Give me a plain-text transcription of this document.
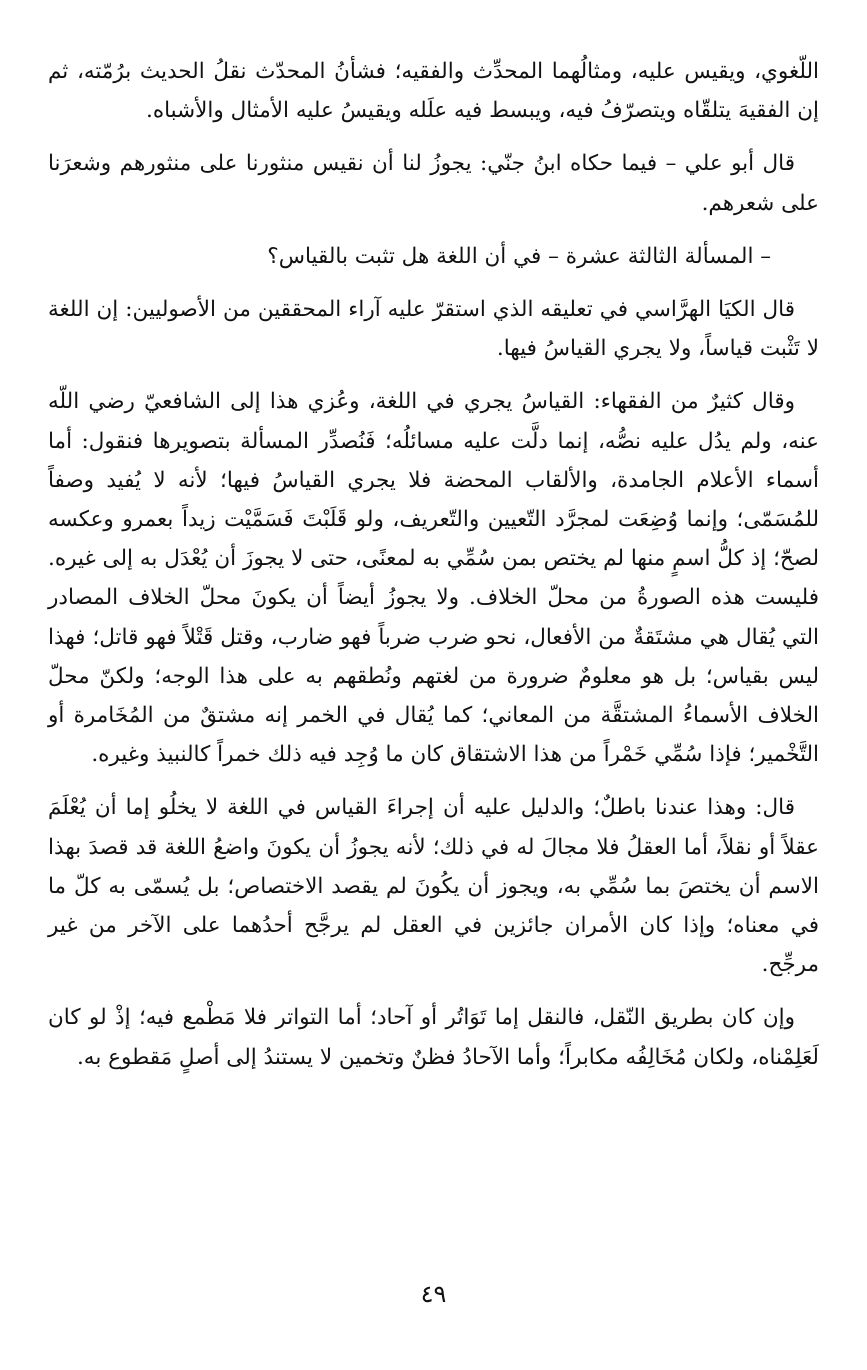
اللّغوي، ويقيس عليه، ومثالُهما المحدِّث والفقيه؛ فشأنُ المحدّث نقلُ الحديث برُمّته، ثم إن الفقيهَ يتلقّاه ويتصرّفُ فيه، ويبسط فيه علَله ويقيسُ عليه الأمثال والأشباه.

قال أبو علي – فيما حكاه ابنُ جنّي: يجوزُ لنا أن نقيس منثورنا على منثورهم وشعرَنا على شعرهم.

– المسألة الثالثة عشرة – في أن اللغة هل تثبت بالقياس؟

قال الكيَا الهرَّاسي في تعليقه الذي استقرّ عليه آراء المحققين من الأصوليين: إن اللغة لا تَثْبت قياساً، ولا يجري القياسُ فيها.

وقال كثيرٌ من الفقهاء: القياسُ يجري في اللغة، وعُزي هذا إلى الشافعيّ رضي اللّه عنه، ولم يدُل عليه نصُّه، إنما دلَّت عليه مسائلُه؛ فَنُصدِّر المسألة بتصويرها فنقول: أما أسماء الأعلام الجامدة، والألقاب المحضة فلا يجري القياسُ فيها؛ لأنه لا يُفيد وصفاً للمُسَمّى؛ وإنما وُضِعَت لمجرَّد التّعيين والتّعريف، ولو قَلَبْتَ فَسَمَّيْت زيداً بعمرو وعكسه لصحّ؛ إذ كلُّ اسمٍ منها لم يختص بمن سُمِّي به لمعنًى، حتى لا يجوزَ أن يُعْدَل به إلى غيره. فليست هذه الصورةُ من محلّ الخلاف. ولا يجوزُ أيضاً أن يكونَ محلّ الخلاف المصادر التي يُقال هي مشتَقةٌ من الأفعال، نحو ضرب ضرباً فهو ضارب، وقتل قَتْلاً فهو قاتل؛ فهذا ليس بقياس؛ بل هو معلومٌ ضرورة من لغتهم ونُطقهم به على هذا الوجه؛ ولكنّ محلّ الخلاف الأسماءُ المشتقَّة من المعاني؛ كما يُقال في الخمر إنه مشتقٌ من المُخَامرة أو التَّخْمير؛ فإذا سُمِّي خَمْراً من هذا الاشتقاق كان ما وُجِد فيه ذلك خمراً كالنبيذ وغيره.

قال: وهذا عندنا باطلٌ؛ والدليل عليه أن إجراءَ القياس في اللغة لا يخلُو إما أن يُعْلَمَ عقلاً أو نقلاً، أما العقلُ فلا مجالَ له في ذلك؛ لأنه يجوزُ أن يكونَ واضعُ اللغة قد قصدَ بهذا الاسم أن يختصَ بما سُمِّي به، ويجوز أن يكُونَ لم يقصد الاختصاص؛ بل يُسمّى به كلّ ما في معناه؛ وإذا كان الأمران جائزين في العقل لم يرجَّح أحدُهما على الآخر من غير مرجِّح.

وإن كان بطريق النّقل، فالنقل إما تَوَاتُر أو آحاد؛ أما التواتر فلا مَطْمع فيه؛ إذْ لو كان لَعَلِمْناه، ولكان مُخَالِفُه مكابراً؛ وأما الآحادُ فظنٌ وتخمين لا يستندُ إلى أصلٍ مَقطوع به.

٤٩
